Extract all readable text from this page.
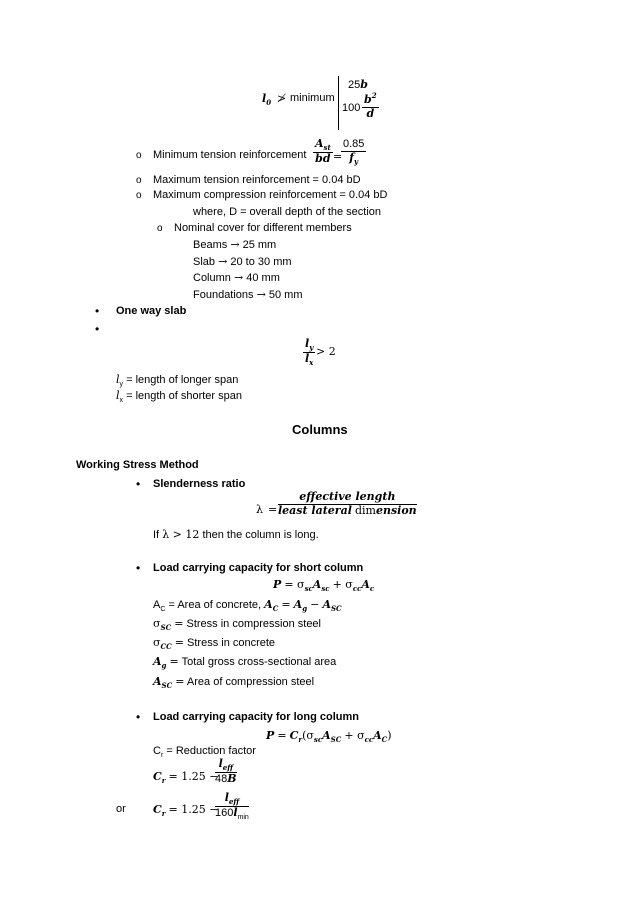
$l_0$ ≯ minimum
25b
$100 \frac{b^2}{d}$
o Minimum tension reinforcement
$A_{st}$
bd =
$\frac{0.85}{f_y}$
o Maximum tension reinforcement = 0.04 bD
o Maximum compression reinforcement = 0.04 bD
where, D = overall depth of the section
o Nominal cover for different members
Beams → 25 mm
Slab → 20 to 30 mm
Column → 40 mm
Foundations → 50 mm
• One way slab
•
$\frac{l_y}{l_x} > 2$
$l_y$ = length of longer span
$l_x$ = length of shorter span
Columns
Working Stress Method
• Slenderness ratio
λ =
effective length
least lateral dimension
If λ > 12 then the column is long.
• Load carrying capacity for short column
$P = \sigma_{sc}A_{sc} + \sigma_{cc}A_c$
$A_C$ = Area of concrete, $A_C = A_g - A_{SC}$
$\sigma_{SC}$ = Stress in compression steel
$\sigma_{CC}$ = Stress in concrete
$A_g$ = Total gross cross-sectional area
$A_{SC}$ = Area of compression steel
• Load carrying capacity for long column
$P = C_r(\sigma_{sc}A_{SC} + \sigma_{cc}A_C)$
$C_r$ = Reduction factor
$C_r = 1.25$ −
$l_{eff}$
48B
or $C_r = 1.25$ −
$l_{eff}$
$160l_{min}$
